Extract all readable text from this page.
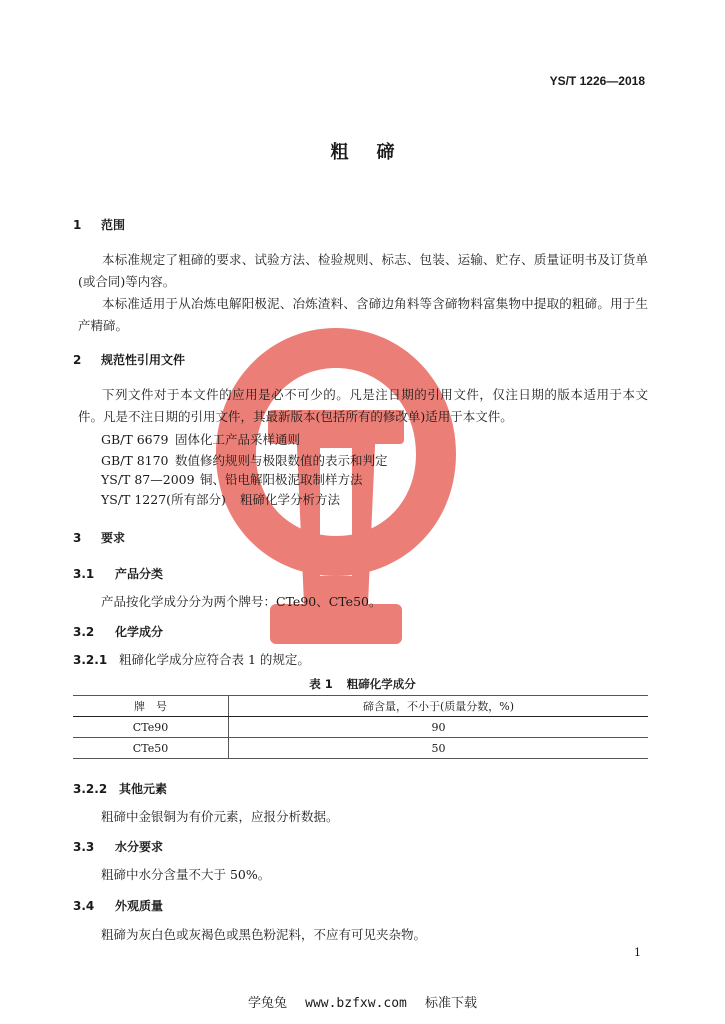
YS/T 1226—2018
粗 碲
1 范围
本标准规定了粗碲的要求、试验方法、检验规则、标志、包装、运输、贮存、质量证明书及订货单(或合同)等内容。
本标准适用于从冶炼电解阳极泥、冶炼渣料、含碲边角料等含碲物料富集物中提取的粗碲。用于生产精碲。
2 规范性引用文件
下列文件对于本文件的应用是必不可少的。凡是注日期的引用文件，仅注日期的版本适用于本文件。凡是不注日期的引用文件，其最新版本(包括所有的修改单)适用于本文件。
GB/T 6679 固体化工产品采样通则
GB/T 8170 数值修约规则与极限数值的表示和判定
YS/T 87—2009 铜、铅电解阳极泥取制样方法
YS/T 1227(所有部分) 粗碲化学分析方法
3 要求
3.1 产品分类
产品按化学成分分为两个牌号：CTe90、CTe50。
3.2 化学成分
3.2.1 粗碲化学成分应符合表 1 的规定。
表 1 粗碲化学成分
牌　号	碲含量，不小于(质量分数，%)
CTe90	90
CTe50	50
3.2.2 其他元素
粗碲中金银铜为有价元素，应报分析数据。
3.3 水分要求
粗碲中水分含量不大于 50%。
3.4 外观质量
粗碲为灰白色或灰褐色或黑色粉泥料，不应有可见夹杂物。
1
学兔兔 www.bzfxw.com 标准下载
